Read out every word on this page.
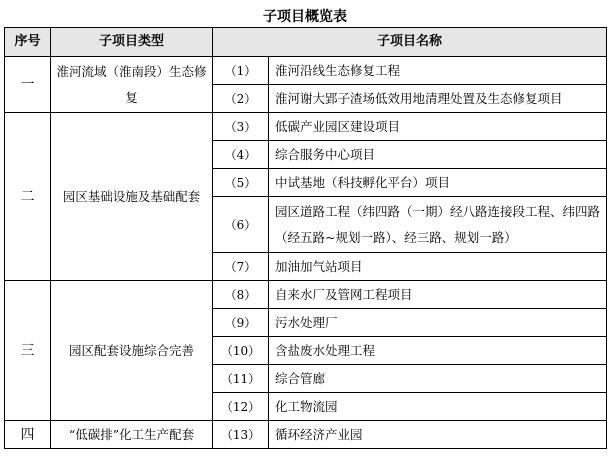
子项目概览表
序号	子项目类型	子项目名称	
一	淮河流域（淮南段）生态修复	（1）	淮河沿线生态修复工程
		（2）	淮河谢大郢子渣场低效用地清理处置及生态修复项目
二	园区基础设施及基础配套	（3）	低碳产业园区建设项目
		（4）	综合服务中心项目
		（5）	中试基地（科技孵化平台）项目
		（6）	园区道路工程（纬四路（一期）经八路连接段工程、纬四路（经五路~规划一路）、经三路、规划一路）
		（7）	加油加气站项目
三	园区配套设施综合完善	（8）	自来水厂及管网工程项目
		（9）	污水处理厂
		（10）	含盐废水处理工程
		（11）	综合管廊
		（12）	化工物流园
四	“低碳排”化工生产配套	（13）	循环经济产业园
